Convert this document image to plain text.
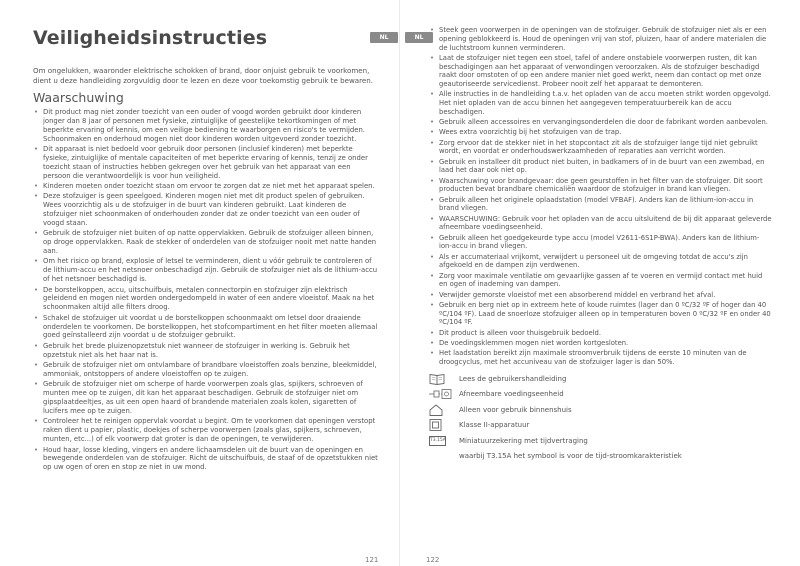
NL	NL
Veiligheidsinstructies

Om ongelukken, waaronder elektrische schokken of brand, door onjuist gebruik te voorkomen, dient u deze handleiding zorgvuldig door te lezen en deze voor toekomstig gebruik te bewaren.

Waarschuwing
• Dit product mag niet zonder toezicht van een ouder of voogd worden gebruikt door kinderen jonger dan 8 jaar of personen met fysieke, zintuiglijke of geestelijke tekortkomingen of met beperkte ervaring of kennis, om een veilige bediening te waarborgen en risico's te vermijden. Schoonmaken en onderhoud mogen niet door kinderen worden uitgevoerd zonder toezicht.
• Dit apparaat is niet bedoeld voor gebruik door personen (inclusief kinderen) met beperkte fysieke, zintuiglijke of mentale capaciteiten of met beperkte ervaring of kennis, tenzij ze onder toezicht staan of instructies hebben gekregen over het gebruik van het apparaat van een persoon die verantwoordelijk is voor hun veiligheid.
• Kinderen moeten onder toezicht staan om ervoor te zorgen dat ze niet met het apparaat spelen.
• Deze stofzuiger is geen speelgoed. Kinderen mogen niet met dit product spelen of gebruiken. Wees voorzichtig als u de stofzuiger in de buurt van kinderen gebruikt. Laat kinderen de stofzuiger niet schoonmaken of onderhouden zonder dat ze onder toezicht van een ouder of voogd staan.
• Gebruik de stofzuiger niet buiten of op natte oppervlakken. Gebruik de stofzuiger alleen binnen, op droge oppervlakken. Raak de stekker of onderdelen van de stofzuiger nooit met natte handen aan.
• Om het risico op brand, explosie of letsel te verminderen, dient u vóór gebruik te controleren of de lithium-accu en het netsnoer onbeschadigd zijn. Gebruik de stofzuiger niet als de lithium-accu of het netsnoer beschadigd is.
• De borstelkoppen, accu, uitschuifbuis, metalen connectorpin en stofzuiger zijn elektrisch geleidend en mogen niet worden ondergedompeld in water of een andere vloeistof. Maak na het schoonmaken altijd alle filters droog.
• Schakel de stofzuiger uit voordat u de borstelkoppen schoonmaakt om letsel door draaiende onderdelen te voorkomen. De borstelkoppen, het stofcompartiment en het filter moeten allemaal goed geïnstalleerd zijn voordat u de stofzuiger gebruikt.
• Gebruik het brede pluizenopzetstuk niet wanneer de stofzuiger in werking is. Gebruik het opzetstuk niet als het haar nat is.
• Gebruik de stofzuiger niet om ontvlambare of brandbare vloeistoffen zoals benzine, bleekmiddel, ammoniak, ontstoppers of andere vloeistoffen op te zuigen.
• Gebruik de stofzuiger niet om scherpe of harde voorwerpen zoals glas, spijkers, schroeven of munten mee op te zuigen, dit kan het apparaat beschadigen. Gebruik de stofzuiger niet om gipsplaatdeeltjes, as uit een open haard of brandende materialen zoals kolen, sigaretten of lucifers mee op te zuigen.
• Controleer het te reinigen oppervlak voordat u begint. Om te voorkomen dat openingen verstopt raken dient u papier, plastic, doekjes of scherpe voorwerpen (zoals glas, spijkers, schroeven, munten, etc...) of elk voorwerp dat groter is dan de openingen, te verwijderen.
• Houd haar, losse kleding, vingers en andere lichaamsdelen uit de buurt van de openingen en bewegende onderdelen van de stofzuiger. Richt de uitschuifbuis, de staaf of de opzetstukken niet op uw ogen of oren en stop ze niet in uw mond.
• Steek geen voorwerpen in de openingen van de stofzuiger. Gebruik de stofzuiger niet als er een opening geblokkeerd is. Houd de openingen vrij van stof, pluizen, haar of andere materialen die de luchtstroom kunnen verminderen.
• Laat de stofzuiger niet tegen een stoel, tafel of andere onstabiele voorwerpen rusten, dit kan beschadigingen aan het apparaat of verwondingen veroorzaken. Als de stofzuiger beschadigd raakt door omstoten of op een andere manier niet goed werkt, neem dan contact op met onze geautoriseerde servicedienst. Probeer nooit zelf het apparaat te demonteren.
• Alle instructies in de handleiding t.a.v. het opladen van de accu moeten strikt worden opgevolgd. Het niet opladen van de accu binnen het aangegeven temperatuurbereik kan de accu beschadigen.
• Gebruik alleen accessoires en vervangingsonderdelen die door de fabrikant worden aanbevolen.
• Wees extra voorzichtig bij het stofzuigen van de trap.
• Zorg ervoor dat de stekker niet in het stopcontact zit als de stofzuiger lange tijd niet gebruikt wordt, en voordat er onderhoudswerkzaamheden of reparaties aan verricht worden.
• Gebruik en installeer dit product niet buiten, in badkamers of in de buurt van een zwembad, en laad het daar ook niet op.
• Waarschuwing voor brandgevaar: doe geen geurstoffen in het filter van de stofzuiger. Dit soort producten bevat brandbare chemicaliën waardoor de stofzuiger in brand kan vliegen.
• Gebruik alleen het originele oplaadstation (model VFBAF). Anders kan de lithium-ion-accu in brand vliegen.
• WAARSCHUWING: Gebruik voor het opladen van de accu uitsluitend de bij dit apparaat geleverde afneembare voedingseenheid.
• Gebruik alleen het goedgekeurde type accu (model V2611-6S1P-BWA). Anders kan de lithium-ion-accu in brand vliegen.
• Als er accumateriaal vrijkomt, verwijdert u personeel uit de omgeving totdat de accu's zijn afgekoeld en de dampen zijn verdwenen.
• Zorg voor maximale ventilatie om gevaarlijke gassen af te voeren en vermijd contact met huid en ogen of inademing van dampen.
• Verwijder gemorste vloeistof met een absorberend middel en verbrand het afval.
• Gebruik en berg niet op in extreem hete of koude ruimtes (lager dan 0 ºC/32 ºF of hoger dan 40 ºC/104 ºF). Laad de snoerloze stofzuiger alleen op in temperaturen boven 0 ºC/32 ºF en onder 40 ºC/104 ºF.
• Dit product is alleen voor thuisgebruik bedoeld.
• De voedingsklemmen mogen niet worden kortgesloten.
• Het laadstation bereikt zijn maximale stroomverbruik tijdens de eerste 10 minuten van de droogcyclus, met het accuniveau van de stofzuiger lager is dan 50%.
Lees de gebruikershandleiding
Afneembare voedingseenheid
Alleen voor gebruik binnenshuis
Klasse II-apparatuur
T3.15A	Miniatuurzekering met tijdvertraging
waarbij T3.15A het symbool is voor de tijd-stroomkarakteristiek
121	122
